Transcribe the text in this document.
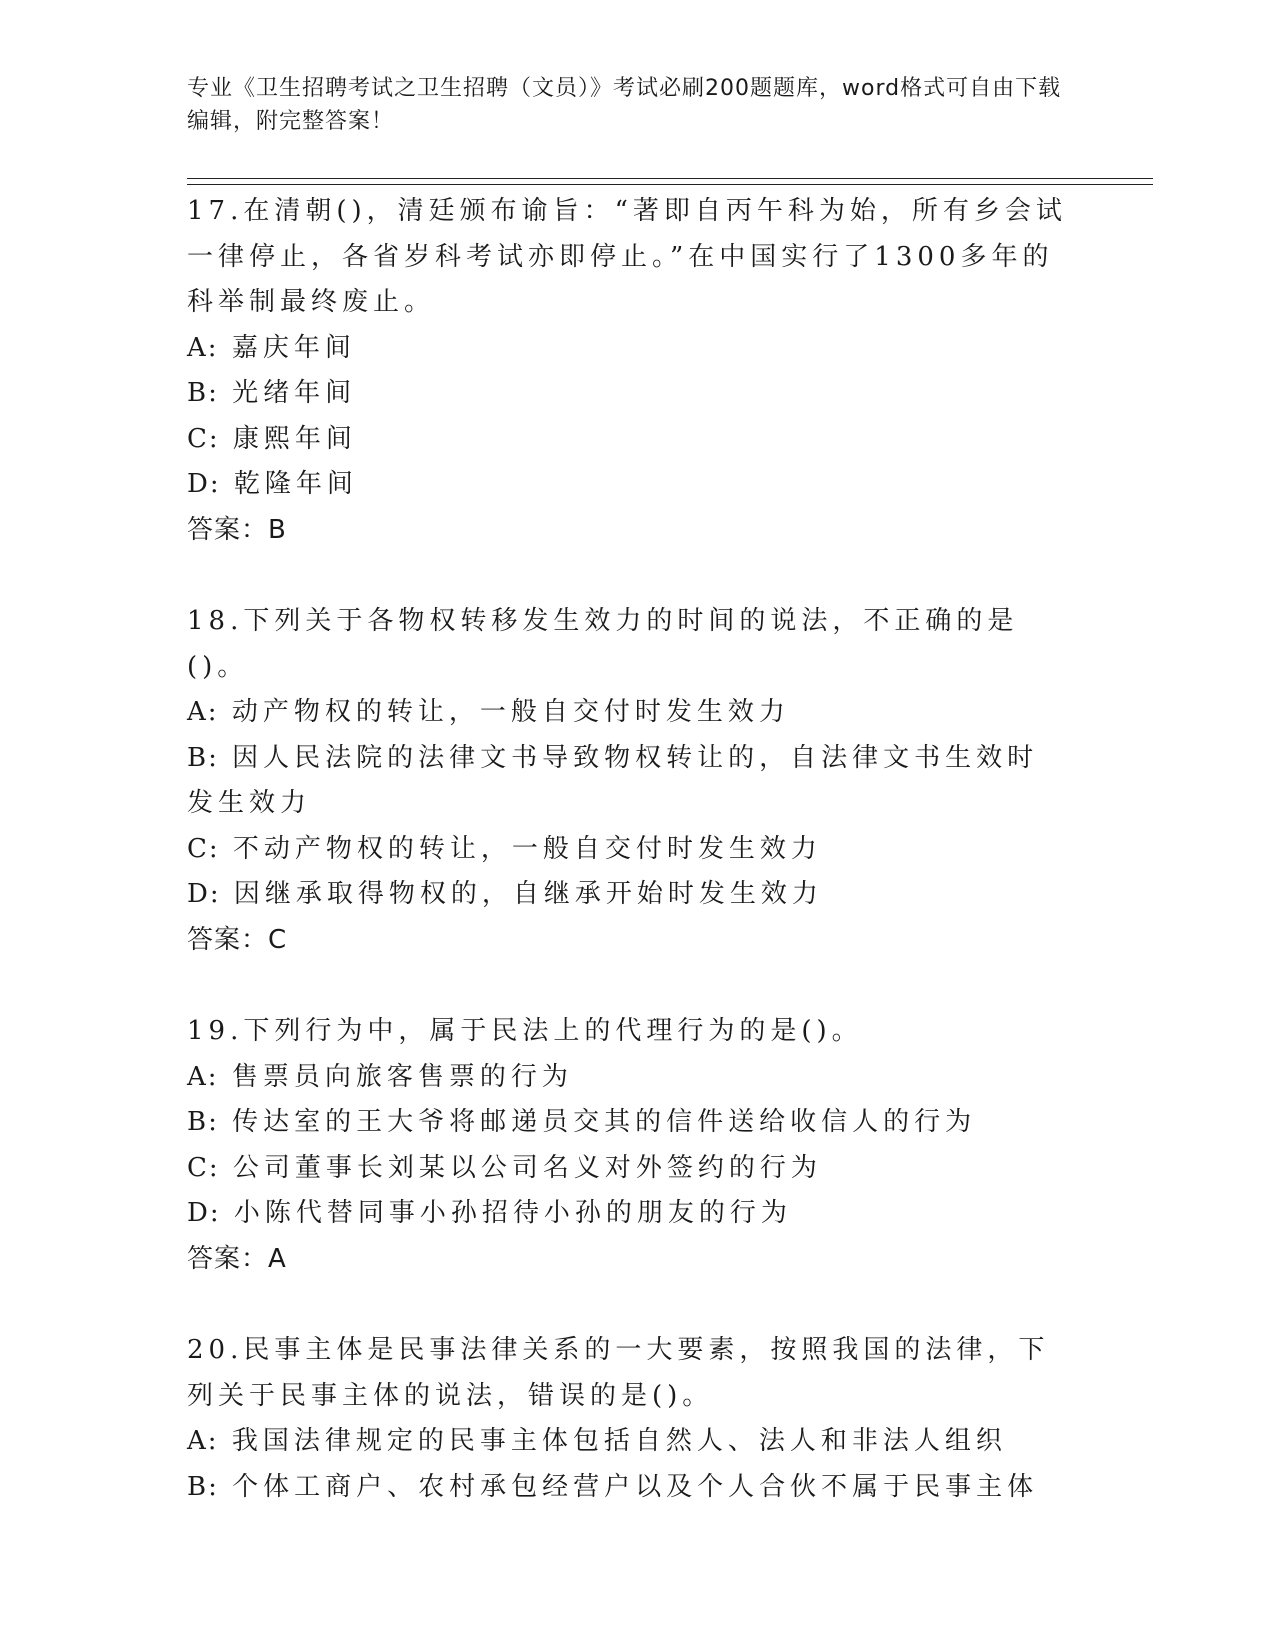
专业《卫生招聘考试之卫生招聘（文员）》考试必刷200题题库，word格式可自由下载编辑，附完整答案！
17.在清朝()，清廷颁布谕旨：“著即自丙午科为始，所有乡会试一律停止，各省岁科考试亦即停止。”在中国实行了1300多年的科举制最终废止。
A: 嘉庆年间
B: 光绪年间
C: 康熙年间
D: 乾隆年间
答案：B
18.下列关于各物权转移发生效力的时间的说法，不正确的是()。
A: 动产物权的转让，一般自交付时发生效力
B: 因人民法院的法律文书导致物权转让的，自法律文书生效时发生效力
C: 不动产物权的转让，一般自交付时发生效力
D: 因继承取得物权的，自继承开始时发生效力
答案：C
19.下列行为中，属于民法上的代理行为的是()。
A: 售票员向旅客售票的行为
B: 传达室的王大爷将邮递员交其的信件送给收信人的行为
C: 公司董事长刘某以公司名义对外签约的行为
D: 小陈代替同事小孙招待小孙的朋友的行为
答案：A
20.民事主体是民事法律关系的一大要素，按照我国的法律，下列关于民事主体的说法，错误的是()。
A: 我国法律规定的民事主体包括自然人、法人和非法人组织
B: 个体工商户、农村承包经营户以及个人合伙不属于民事主体
